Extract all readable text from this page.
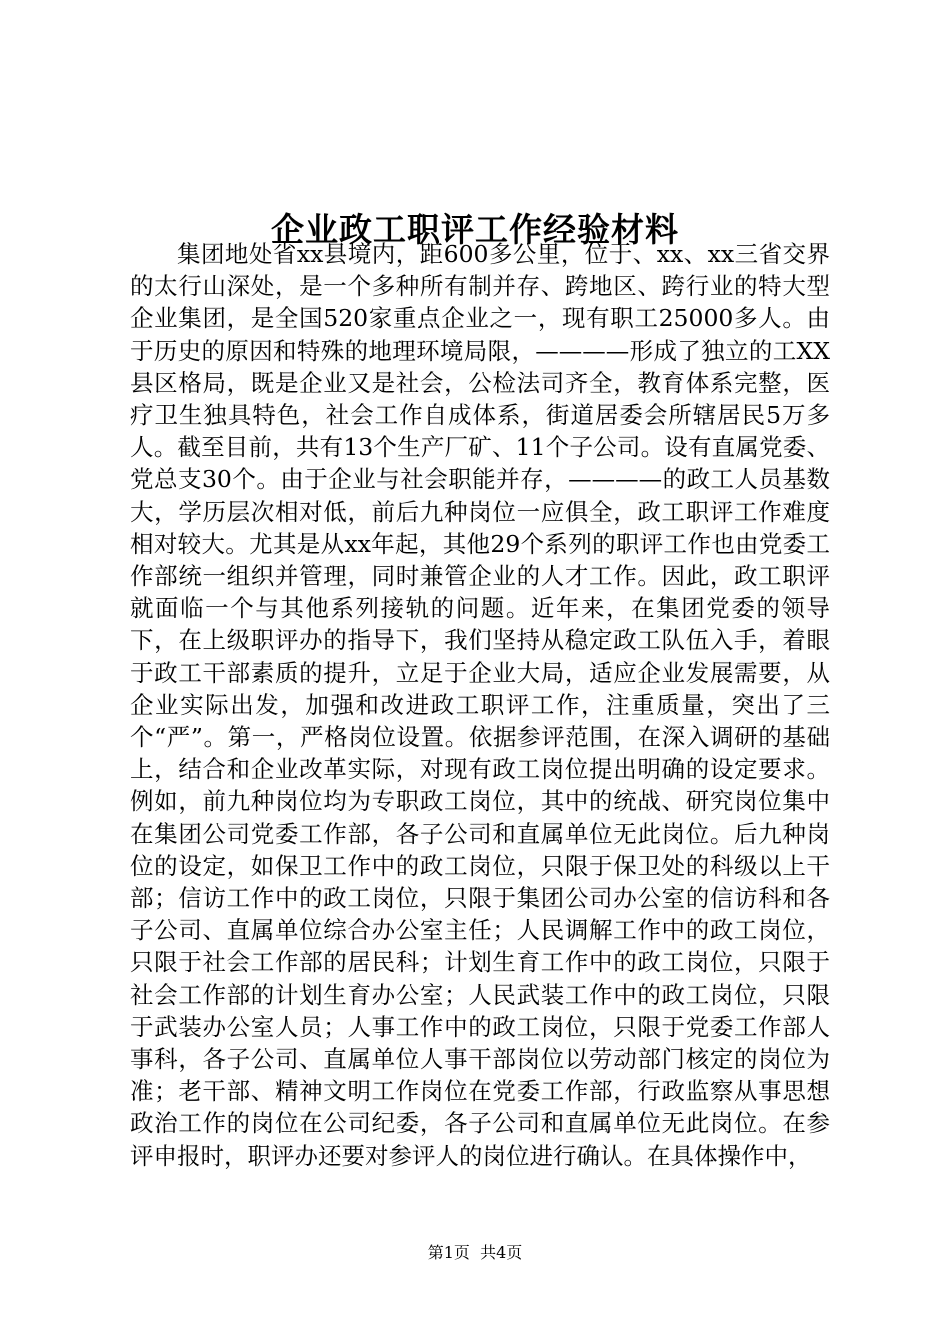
企业政工职评工作经验材料

集团地处省xx县境内，距600多公里，位于、xx、xx三省交界的太行山深处，是一个多种所有制并存、跨地区、跨行业的特大型企业集团，是全国520家重点企业之一，现有职工25000多人。由于历史的原因和特殊的地理环境局限，————形成了独立的工XX县区格局，既是企业又是社会，公检法司齐全，教育体系完整，医疗卫生独具特色，社会工作自成体系，街道居委会所辖居民5万多人。截至目前，共有13个生产厂矿、11个子公司。设有直属党委、党总支30个。由于企业与社会职能并存，————的政工人员基数大，学历层次相对低，前后九种岗位一应俱全，政工职评工作难度相对较大。尤其是从xx年起，其他29个系列的职评工作也由党委工作部统一组织并管理，同时兼管企业的人才工作。因此，政工职评就面临一个与其他系列接轨的问题。近年来，在集团党委的领导下，在上级职评办的指导下，我们坚持从稳定政工队伍入手，着眼于政工干部素质的提升，立足于企业大局，适应企业发展需要，从企业实际出发，加强和改进政工职评工作，注重质量，突出了三个“严”。第一，严格岗位设置。依据参评范围，在深入调研的基础上，结合和企业改革实际，对现有政工岗位提出明确的设定要求。例如，前九种岗位均为专职政工岗位，其中的统战、研究岗位集中在集团公司党委工作部，各子公司和直属单位无此岗位。后九种岗位的设定，如保卫工作中的政工岗位，只限于保卫处的科级以上干部；信访工作中的政工岗位，只限于集团公司办公室的信访科和各子公司、直属单位综合办公室主任；人民调解工作中的政工岗位，只限于社会工作部的居民科；计划生育工作中的政工岗位，只限于社会工作部的计划生育办公室；人民武装工作中的政工岗位，只限于武装办公室人员；人事工作中的政工岗位，只限于党委工作部人事科，各子公司、直属单位人事干部岗位以劳动部门核定的岗位为准；老干部、精神文明工作岗位在党委工作部，行政监察从事思想政治工作的岗位在公司纪委，各子公司和直属单位无此岗位。在参评申报时，职评办还要对参评人的岗位进行确认。在具体操作中，

第1页 共4页
